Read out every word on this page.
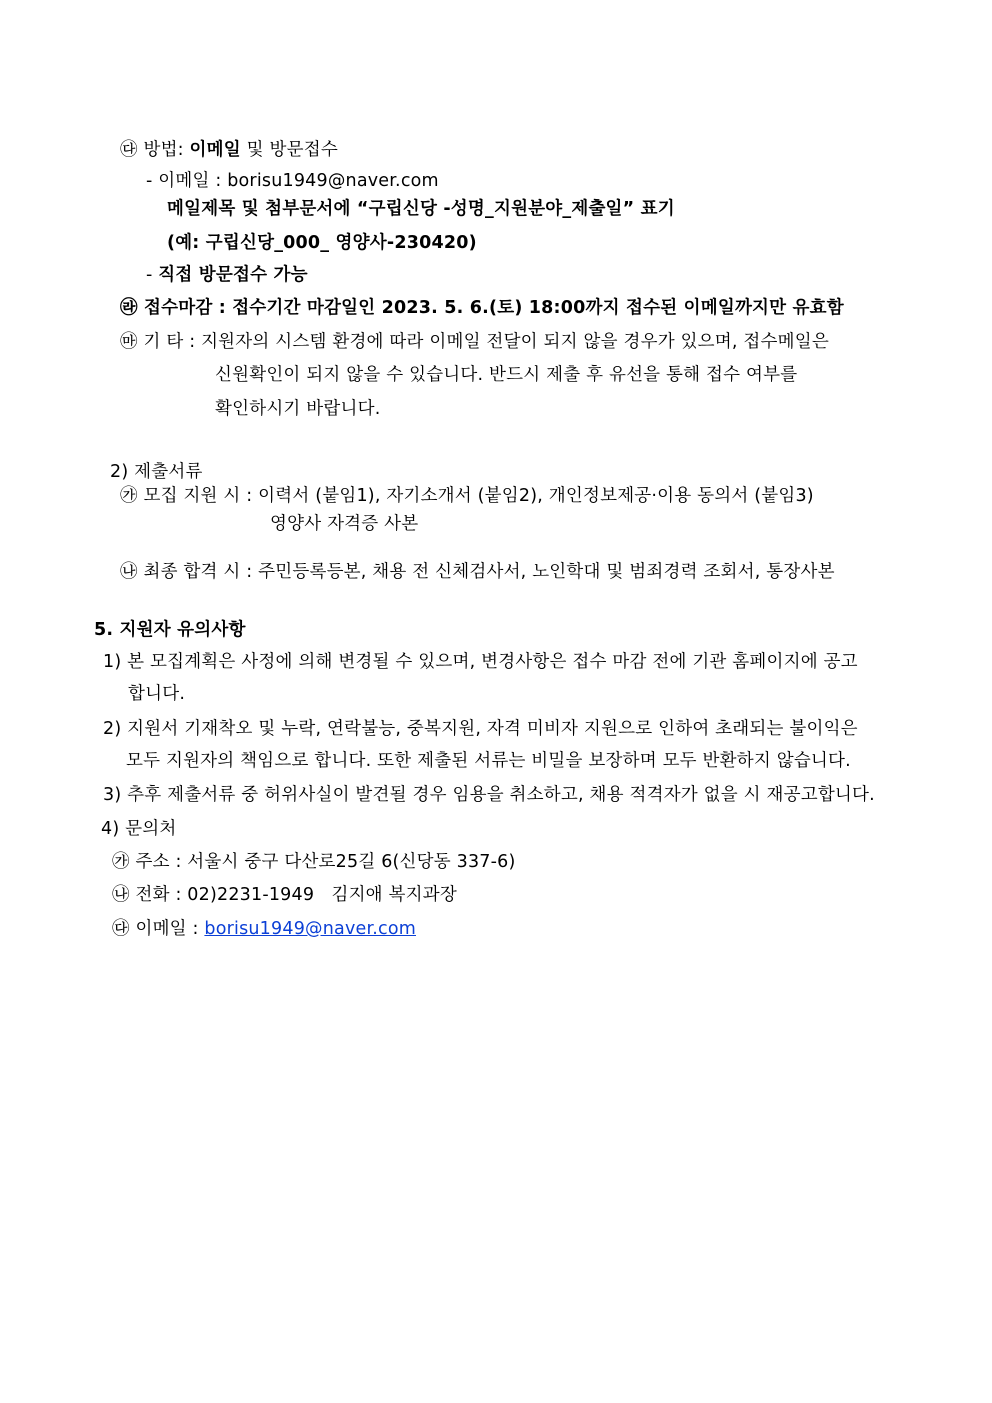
㉰ 방법: 이메일 및 방문접수
- 이메일 : borisu1949@naver.com
메일제목 및 첨부문서에 “구립신당 -성명_지원분야_제출일” 표기
(예: 구립신당_000_ 영양사-230420)
- 직접 방문접수 가능
㉱ 접수마감 : 접수기간 마감일인 2023. 5. 6.(토) 18:00까지 접수된 이메일까지만 유효함
㉲ 기 타 : 지원자의 시스템 환경에 따라 이메일 전달이 되지 않을 경우가 있으며, 접수메일은
신원확인이 되지 않을 수 있습니다. 반드시 제출 후 유선을 통해 접수 여부를
확인하시기 바랍니다.
2) 제출서류
㉮ 모집 지원 시 : 이력서 (붙임1), 자기소개서 (붙임2), 개인정보제공·이용 동의서 (붙임3)
영양사 자격증 사본
㉯ 최종 합격 시 : 주민등록등본, 채용 전 신체검사서, 노인학대 및 범죄경력 조회서, 통장사본
5. 지원자 유의사항
1) 본 모집계획은 사정에 의해 변경될 수 있으며, 변경사항은 접수 마감 전에 기관 홈페이지에 공고
합니다.
2) 지원서 기재착오 및 누락, 연락불능, 중복지원, 자격 미비자 지원으로 인하여 초래되는 불이익은
모두 지원자의 책임으로 합니다. 또한 제출된 서류는 비밀을 보장하며 모두 반환하지 않습니다.
3) 추후 제출서류 중 허위사실이 발견될 경우 임용을 취소하고, 채용 적격자가 없을 시 재공고합니다.
4) 문의처
㉮ 주소 : 서울시 중구 다산로25길 6(신당동 337-6)
㉯ 전화 : 02)2231-1949   김지애 복지과장
㉰ 이메일 : borisu1949@naver.com
